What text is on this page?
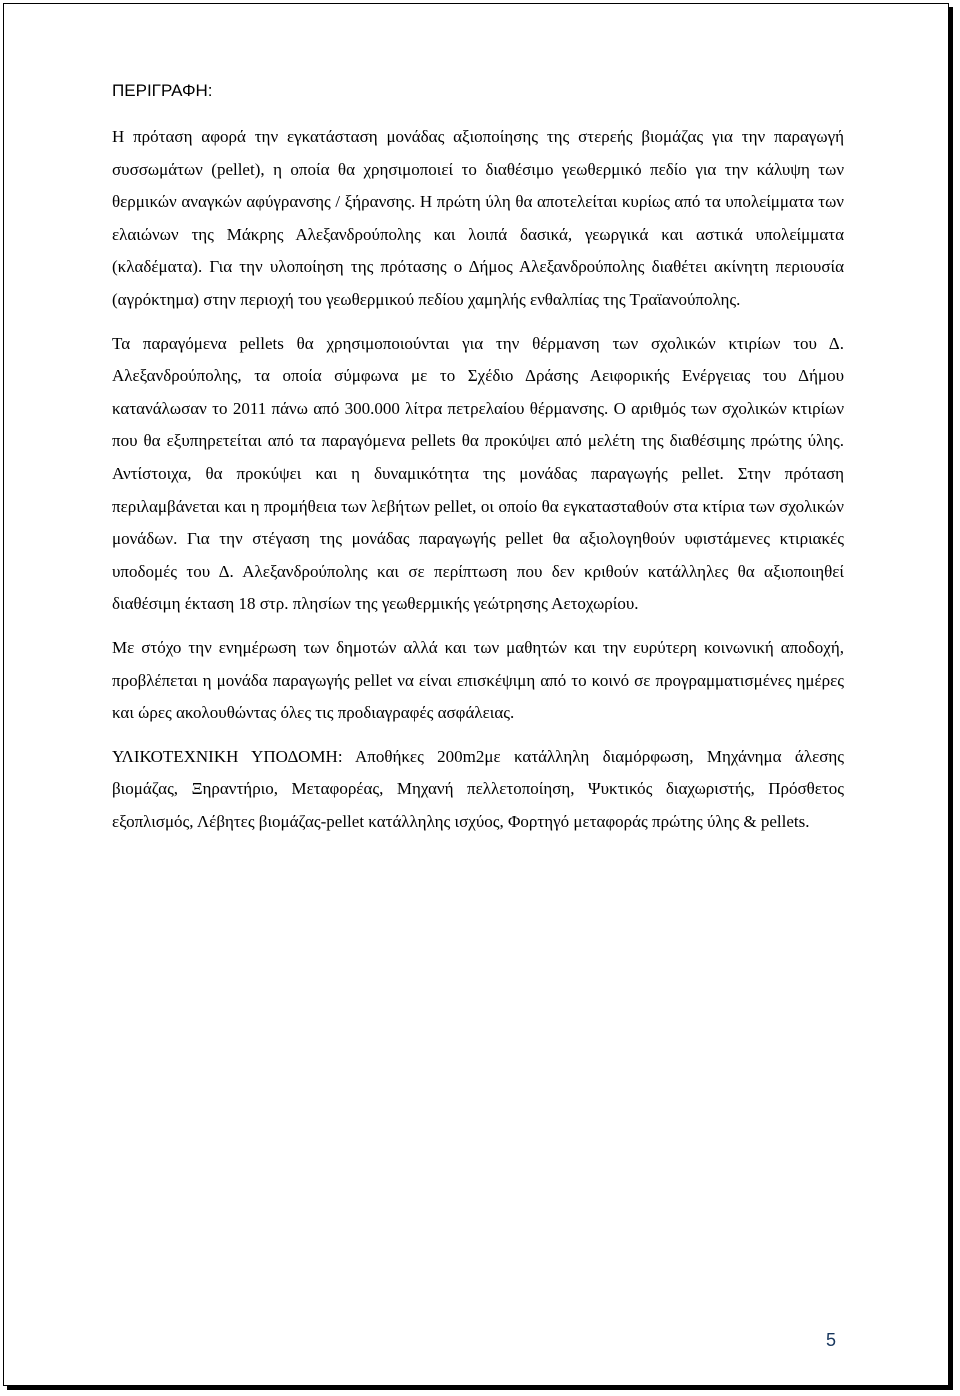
ΠΕΡΙΓΡΑΦΗ:

Η πρόταση αφορά την εγκατάσταση μονάδας αξιοποίησης της στερεής βιομάζας για την παραγωγή συσσωμάτων (pellet), η οποία θα χρησιμοποιεί το διαθέσιμο γεωθερμικό πεδίο για την κάλυψη των θερμικών αναγκών αφύγρανσης / ξήρανσης. Η πρώτη ύλη θα αποτελείται κυρίως από τα υπολείμματα των ελαιώνων της Μάκρης Αλεξανδρούπολης και λοιπά δασικά, γεωργικά και αστικά υπολείμματα (κλαδέματα). Για την υλοποίηση της πρότασης ο Δήμος Αλεξανδρούπολης διαθέτει ακίνητη περιουσία (αγρόκτημα) στην περιοχή του γεωθερμικού πεδίου χαμηλής ενθαλπίας της Τραϊανούπολης.

Τα παραγόμενα pellets θα χρησιμοποιούνται για την θέρμανση των σχολικών κτιρίων του Δ. Αλεξανδρούπολης, τα οποία σύμφωνα με το Σχέδιο Δράσης Αειφορικής Ενέργειας του Δήμου κατανάλωσαν το 2011 πάνω από 300.000 λίτρα πετρελαίου θέρμανσης. Ο αριθμός των σχολικών κτιρίων που θα εξυπηρετείται από τα παραγόμενα pellets θα προκύψει από μελέτη της διαθέσιμης πρώτης ύλης. Αντίστοιχα, θα προκύψει και η δυναμικότητα της μονάδας παραγωγής pellet. Στην πρόταση περιλαμβάνεται και η προμήθεια των λεβήτων pellet, οι οποίο θα εγκατασταθούν στα κτίρια των σχολικών μονάδων. Για την στέγαση της μονάδας παραγωγής pellet θα αξιολογηθούν υφιστάμενες κτιριακές υποδομές του Δ. Αλεξανδρούπολης και σε περίπτωση που δεν κριθούν κατάλληλες θα αξιοποιηθεί διαθέσιμη έκταση 18 στρ. πλησίων της γεωθερμικής γεώτρησης Αετοχωρίου.

Με στόχο την ενημέρωση των δημοτών αλλά και των μαθητών και την ευρύτερη κοινωνική αποδοχή, προβλέπεται η μονάδα παραγωγής pellet να είναι επισκέψιμη από το κοινό σε προγραμματισμένες ημέρες και ώρες ακολουθώντας όλες τις προδιαγραφές ασφάλειας.

ΥΛΙΚΟΤΕΧΝΙΚΗ ΥΠΟΔΟΜΗ: Αποθήκες 200m2με κατάλληλη διαμόρφωση, Μηχάνημα άλεσης βιομάζας, Ξηραντήριο, Μεταφορέας, Μηχανή πελλετοποίηση, Ψυκτικός διαχωριστής, Πρόσθετος εξοπλισμός, Λέβητες βιομάζας-pellet κατάλληλης ισχύος, Φορτηγό μεταφοράς πρώτης ύλης & pellets.

5
